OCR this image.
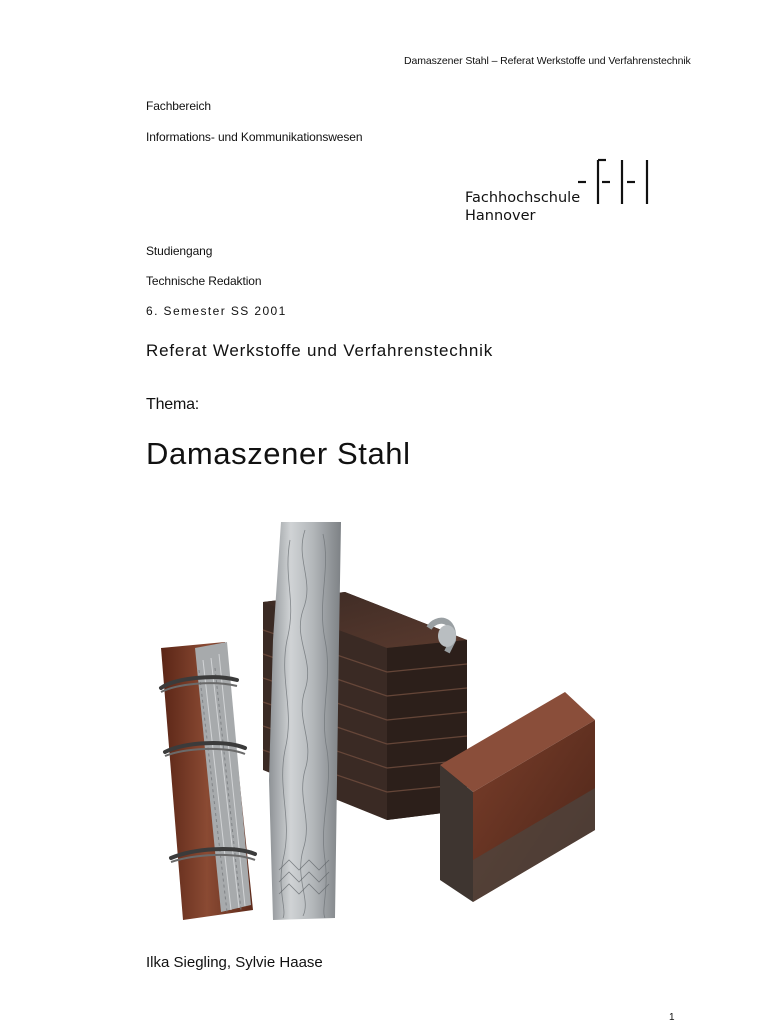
Damaszener Stahl – Referat Werkstoffe und Verfahrenstechnik
Fachbereich
Informations- und Kommunikationswesen
Fachhochschule
Hannover
Studiengang
Technische Redaktion
6. Semester SS 2001
Referat Werkstoffe und Verfahrenstechnik
Thema:
Damaszener Stahl
Ilka Siegling, Sylvie Haase
1
